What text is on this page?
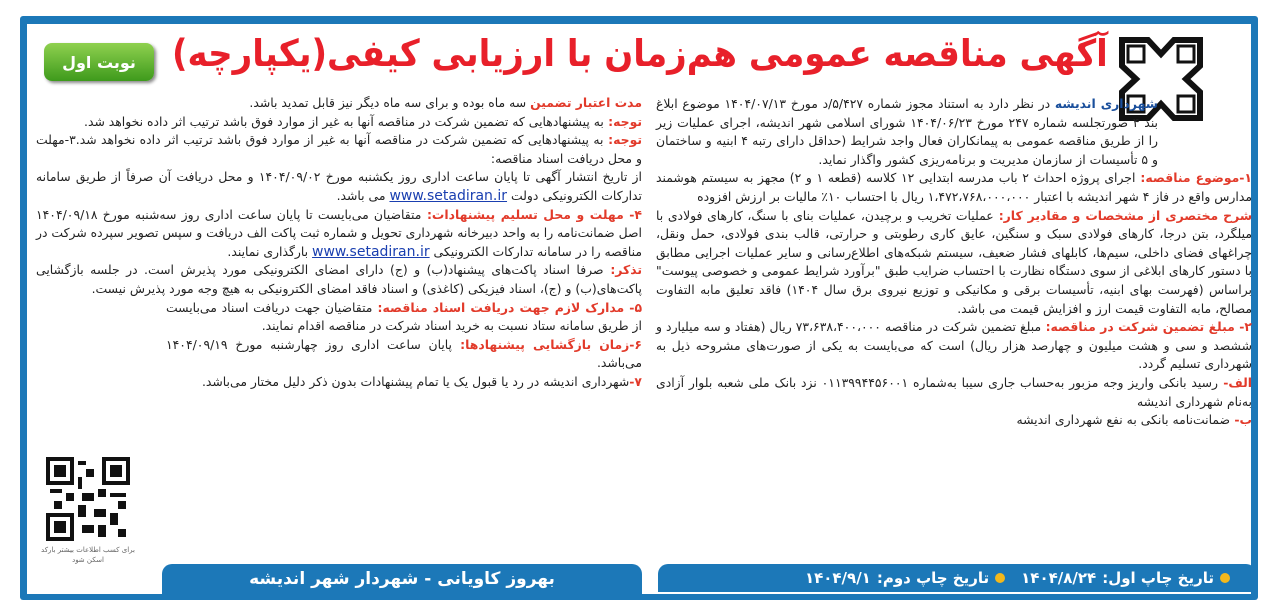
آگهی مناقصه عمومی هم‌زمان با ارزیابی کیفی(یکپارچه)
نوبت اول

شهرداری اندیشه در نظر دارد به استناد مجوز شماره ۵/۴۲۷/د مورخ ۱۴۰۴/۰۷/۱۳ موضوع ابلاغ بند ۴ صورتجلسه شماره ۲۴۷ مورخ ۱۴۰۴/۰۶/۲۳ شورای اسلامی شهر اندیشه، اجرای عملیات زیر را از طریق مناقصه عمومی به پیمانکاران فعال واجد شرایط (حداقل دارای رتبه ۴ ابنیه و ساختمان و ۵ تأسیسات از سازمان مدیریت و برنامه‌ریزی کشور واگذار نماید.

۱-موضوع مناقصه: اجرای پروژه احداث ۲ باب مدرسه ابتدایی ۱۲ کلاسه (قطعه ۱ و ۲) مجهز به سیستم هوشمند مدارس واقع در فاز ۴ شهر اندیشه با اعتبار ۱،۴۷۲،۷۶۸،۰۰۰،۰۰۰ ریال با احتساب ۱۰٪ مالیات بر ارزش افزوده

شرح مختصری از مشخصات و مقادیر کار: عملیات تخریب و برچیدن، عملیات بنای با سنگ، کارهای فولادی با میلگرد، بتن درجا، کارهای فولادی سبک و سنگین، عایق کاری رطوبتی و حرارتی، قالب بندی فولادی، حمل ونقل، چراغهای فضای داخلی، سیم‌ها، کابلهای فشار ضعیف، سیستم شبکه‌های اطلاع‌رسانی و سایر عملیات اجرایی مطابق با دستور کارهای ابلاغی از سوی دستگاه نظارت با احتساب ضرایب طبق "برآورد شرایط عمومی و خصوصی پیوست" براساس (فهرست بهای ابنیه، تأسیسات برقی و مکانیکی و توزیع نیروی برق سال ۱۴۰۴) فاقد تعلیق مابه التفاوت مصالح، مابه التفاوت قیمت ارز و افزایش قیمت می باشد.

۲- مبلغ تضمین شرکت در مناقصه: مبلغ تضمین شرکت در مناقصه ۷۳،۶۳۸،۴۰۰،۰۰۰ ریال (هفتاد و سه میلیارد و ششصد و سی و هشت میلیون و چهارصد هزار ریال) است که می‌بایست به یکی از صورت‌های مشروحه ذیل به شهرداری تسلیم گردد.

الف- رسید بانکی واریز وجه مزبور به‌حساب جاری سیبا به‌شماره ۰۱۱۳۹۹۴۴۵۶۰۰۱ نزد بانک ملی شعبه بلوار آزادی به‌نام شهرداری اندیشه

ب- ضمانت‌نامه بانکی به نفع شهرداری اندیشه

مدت اعتبار تضمین سه ماه بوده و برای سه ماه دیگر نیز قابل تمدید باشد.

توجه: به پیشنهادهایی که تضمین شرکت در مناقصه آنها به غیر از موارد فوق باشد ترتیب اثر داده نخواهد شد.

توجه: به پیشنهادهایی که تضمین شرکت در مناقصه آنها به غیر از موارد فوق باشد ترتیب اثر داده نخواهد شد.۳-مهلت و محل دریافت اسناد مناقصه:

از تاریخ انتشار آگهی تا پایان ساعت اداری روز یکشنبه مورخ ۱۴۰۴/۰۹/۰۲ و محل دریافت آن صرفاً از طریق سامانه تدارکات الکترونیکی دولت www.setadiran.ir می باشد.

۴- مهلت و محل تسلیم پیشنهادات: متقاضیان می‌بایست تا پایان ساعت اداری روز سه‌شنبه مورخ ۱۴۰۴/۰۹/۱۸ اصل ضمانت‌نامه را به واحد دبیرخانه شهرداری تحویل و شماره ثبت پاکت الف دریافت و سپس تصویر سپرده شرکت در مناقصه را در سامانه تدارکات الکترونیکی www.setadiran.ir بارگذاری نمایند.

تذکر: صرفا اسناد پاکت‌های پیشنهاد(ب) و (ج) دارای امضای الکترونیکی مورد پذیرش است. در جلسه بازگشایی پاکت‌های(ب) و (ج)، اسناد فیزیکی (کاغذی) و اسناد فاقد امضای الکترونیکی به هیچ وجه مورد پذیرش نیست.

۵- مدارک لازم جهت دریافت اسناد مناقصه: متقاضیان جهت دریافت اسناد می‌بایست از طریق سامانه ستاد نسبت به خرید اسناد شرکت در مناقصه اقدام نمایند.

۶-زمان بازگشایی پیشنهادها: پایان ساعت اداری روز چهارشنبه مورخ ۱۴۰۴/۰۹/۱۹ می‌باشد.

۷-شهرداری اندیشه در رد یا قبول یک یا تمام پیشنهادات بدون ذکر دلیل مختار می‌باشد.

برای کسب اطلاعات بیشتر بارکد اسکن شود
تاریخ چاپ اول:
۱۴۰۴/۸/۲۴
تاریخ چاپ دوم:
۱۴۰۴/۹/۱
بهروز کاویانی - شهردار شهر اندیشه
